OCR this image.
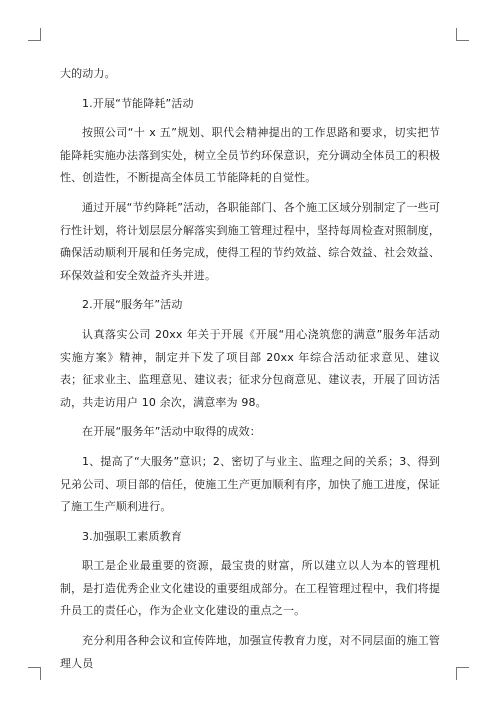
大的动力。

1.开展“节能降耗”活动

按照公司“十 x 五”规划、职代会精神提出的工作思路和要求，切实把节能降耗实施办法落到实处，树立全员节约环保意识，充分调动全体员工的积极性、创造性，不断提高全体员工节能降耗的自觉性。

通过开展“节约降耗”活动，各职能部门、各个施工区域分别制定了一些可行性计划，将计划层层分解落实到施工管理过程中，坚持每周检查对照制度，确保活动顺利开展和任务完成，使得工程的节约效益、综合效益、社会效益、环保效益和安全效益齐头并进。

2.开展“服务年”活动

认真落实公司 20xx 年关于开展《开展“用心浇筑您的满意”服务年活动实施方案》精神，制定并下发了项目部 20xx 年综合活动征求意见、建议表；征求业主、监理意见、建议表；征求分包商意见、建议表，开展了回访活动，共走访用户 10 余次，满意率为 98。

在开展“服务年”活动中取得的成效：

1、提高了“大服务”意识；2、密切了与业主、监理之间的关系；3、得到兄弟公司、项目部的信任，使施工生产更加顺利有序，加快了施工进度，保证了施工生产顺利进行。

3.加强职工素质教育

职工是企业最重要的资源，最宝贵的财富，所以建立以人为本的管理机制，是打造优秀企业文化建设的重要组成部分。在工程管理过程中，我们将提升员工的责任心，作为企业文化建设的重点之一。

充分利用各种会议和宣传阵地，加强宣传教育力度，对不同层面的施工管理人员
